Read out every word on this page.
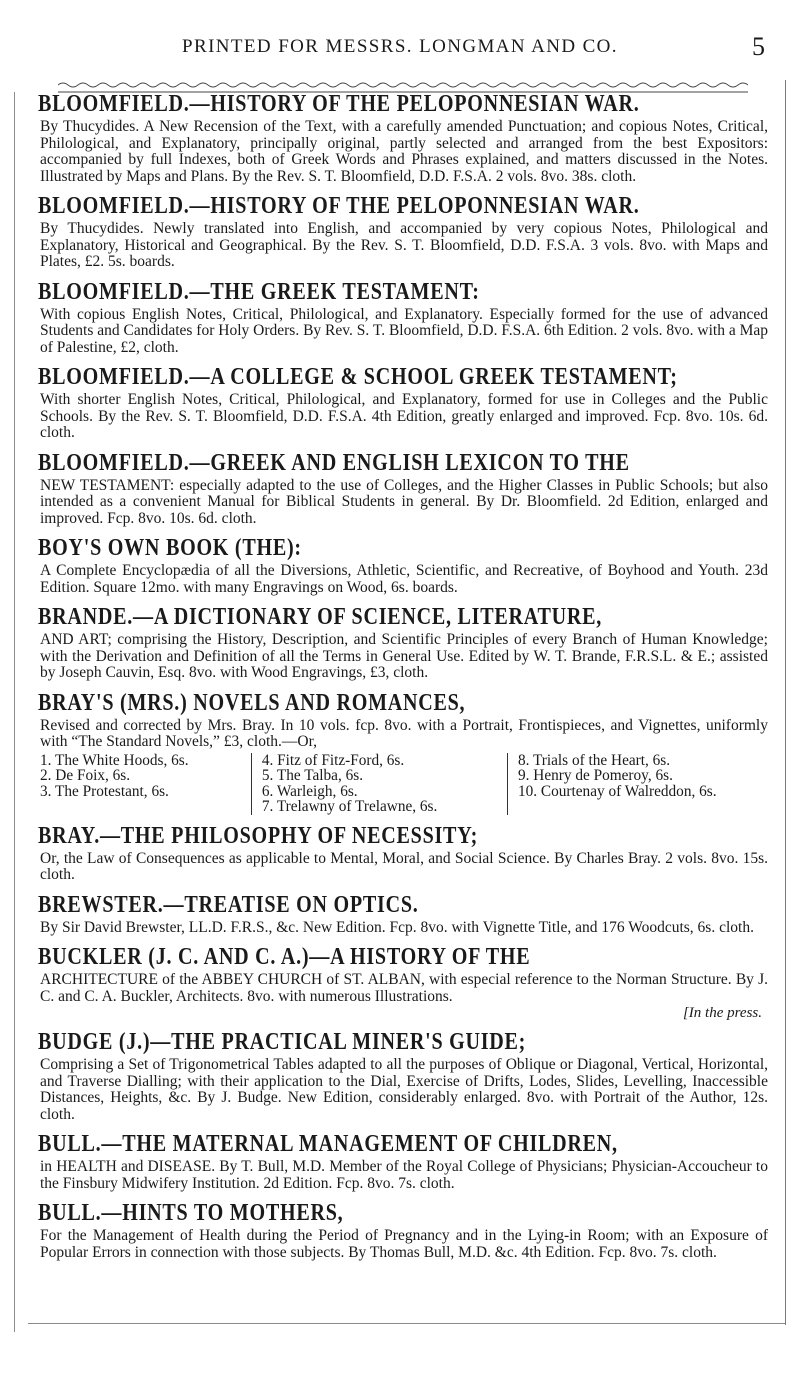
PRINTED FOR MESSRS. LONGMAN AND CO.	5
BLOOMFIELD.—HISTORY OF THE PELOPONNESIAN WAR.
By Thucydides. A New Recension of the Text, with a carefully amended Punctuation; and copious Notes, Critical, Philological, and Explanatory, principally original, partly selected and arranged from the best Expositors: accompanied by full Indexes, both of Greek Words and Phrases explained, and matters discussed in the Notes. Illustrated by Maps and Plans. By the Rev. S. T. Bloomfield, D.D. F.S.A. 2 vols. 8vo. 38s. cloth.
BLOOMFIELD.—HISTORY OF THE PELOPONNESIAN WAR.
By Thucydides. Newly translated into English, and accompanied by very copious Notes, Philological and Explanatory, Historical and Geographical. By the Rev. S. T. Bloomfield, D.D. F.S.A. 3 vols. 8vo. with Maps and Plates, £2. 5s. boards.
BLOOMFIELD.—THE GREEK TESTAMENT:
With copious English Notes, Critical, Philological, and Explanatory. Especially formed for the use of advanced Students and Candidates for Holy Orders. By Rev. S. T. Bloomfield, D.D. F.S.A. 6th Edition. 2 vols. 8vo. with a Map of Palestine, £2, cloth.
BLOOMFIELD.—A COLLEGE & SCHOOL GREEK TESTAMENT;
With shorter English Notes, Critical, Philological, and Explanatory, formed for use in Colleges and the Public Schools. By the Rev. S. T. Bloomfield, D.D. F.S.A. 4th Edition, greatly enlarged and improved. Fcp. 8vo. 10s. 6d. cloth.
BLOOMFIELD.—GREEK AND ENGLISH LEXICON TO THE
NEW TESTAMENT: especially adapted to the use of Colleges, and the Higher Classes in Public Schools; but also intended as a convenient Manual for Biblical Students in general. By Dr. Bloomfield. 2d Edition, enlarged and improved. Fcp. 8vo. 10s. 6d. cloth.
BOY'S OWN BOOK (THE):
A Complete Encyclopædia of all the Diversions, Athletic, Scientific, and Recreative, of Boyhood and Youth. 23d Edition. Square 12mo. with many Engravings on Wood, 6s. boards.
BRANDE.—A DICTIONARY OF SCIENCE, LITERATURE,
AND ART; comprising the History, Description, and Scientific Principles of every Branch of Human Knowledge; with the Derivation and Definition of all the Terms in General Use. Edited by W. T. Brande, F.R.S.L. & E.; assisted by Joseph Cauvin, Esq. 8vo. with Wood Engravings, £3, cloth.
BRAY'S (MRS.) NOVELS AND ROMANCES,
Revised and corrected by Mrs. Bray. In 10 vols. fcp. 8vo. with a Portrait, Frontispieces, and Vignettes, uniformly with “The Standard Novels,” £3, cloth.—Or,
1. The White Hoods, 6s.
2. De Foix, 6s.
3. The Protestant, 6s.
4. Fitz of Fitz-Ford, 6s.
5. The Talba, 6s.
6. Warleigh, 6s.
7. Trelawny of Trelawne, 6s.
8. Trials of the Heart, 6s.
9. Henry de Pomeroy, 6s.
10. Courtenay of Walreddon, 6s.
BRAY.—THE PHILOSOPHY OF NECESSITY;
Or, the Law of Consequences as applicable to Mental, Moral, and Social Science. By Charles Bray. 2 vols. 8vo. 15s. cloth.
BREWSTER.—TREATISE ON OPTICS.
By Sir David Brewster, LL.D. F.R.S., &c. New Edition. Fcp. 8vo. with Vignette Title, and 176 Woodcuts, 6s. cloth.
BUCKLER (J. C. AND C. A.)—A HISTORY OF THE
ARCHITECTURE of the ABBEY CHURCH of ST. ALBAN, with especial reference to the Norman Structure. By J. C. and C. A. Buckler, Architects. 8vo. with numerous Illustrations.
[In the press.
BUDGE (J.)—THE PRACTICAL MINER'S GUIDE;
Comprising a Set of Trigonometrical Tables adapted to all the purposes of Oblique or Diagonal, Vertical, Horizontal, and Traverse Dialling; with their application to the Dial, Exercise of Drifts, Lodes, Slides, Levelling, Inaccessible Distances, Heights, &c. By J. Budge. New Edition, considerably enlarged. 8vo. with Portrait of the Author, 12s. cloth.
BULL.—THE MATERNAL MANAGEMENT OF CHILDREN,
in HEALTH and DISEASE. By T. Bull, M.D. Member of the Royal College of Physicians; Physician-Accoucheur to the Finsbury Midwifery Institution. 2d Edition. Fcp. 8vo. 7s. cloth.
BULL.—HINTS TO MOTHERS,
For the Management of Health during the Period of Pregnancy and in the Lying-in Room; with an Exposure of Popular Errors in connection with those subjects. By Thomas Bull, M.D. &c. 4th Edition. Fcp. 8vo. 7s. cloth.
